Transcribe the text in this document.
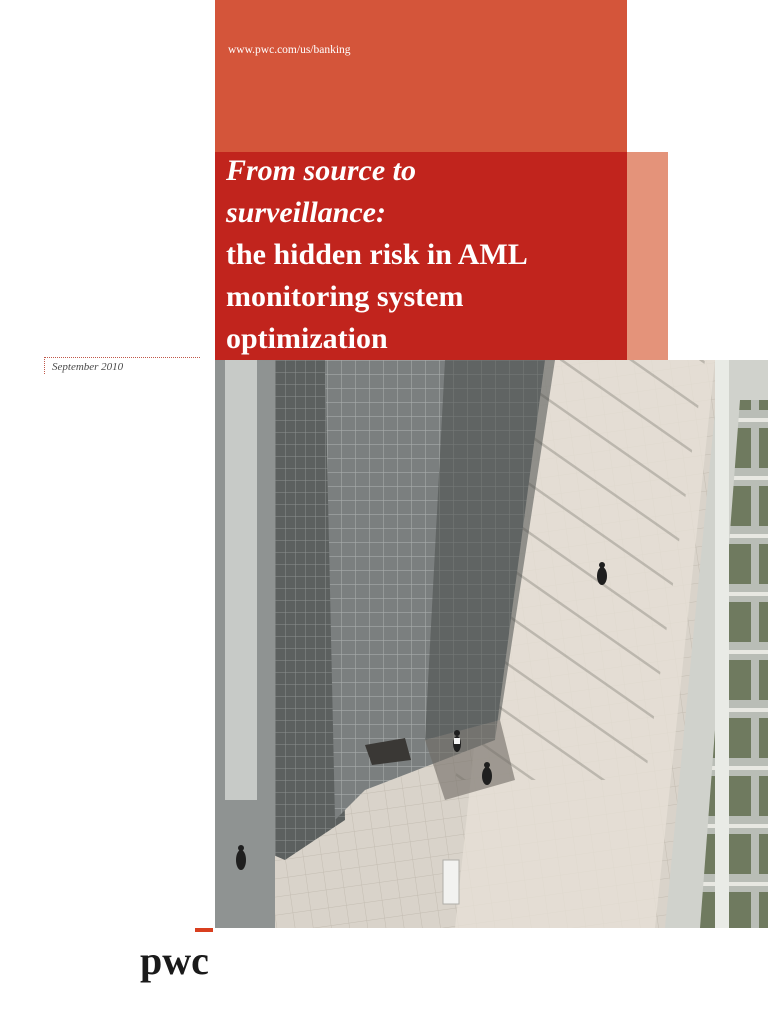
www.pwc.com/us/banking
From source to
surveillance:
the hidden risk in AML
monitoring system
optimization
September 2010
pwc
